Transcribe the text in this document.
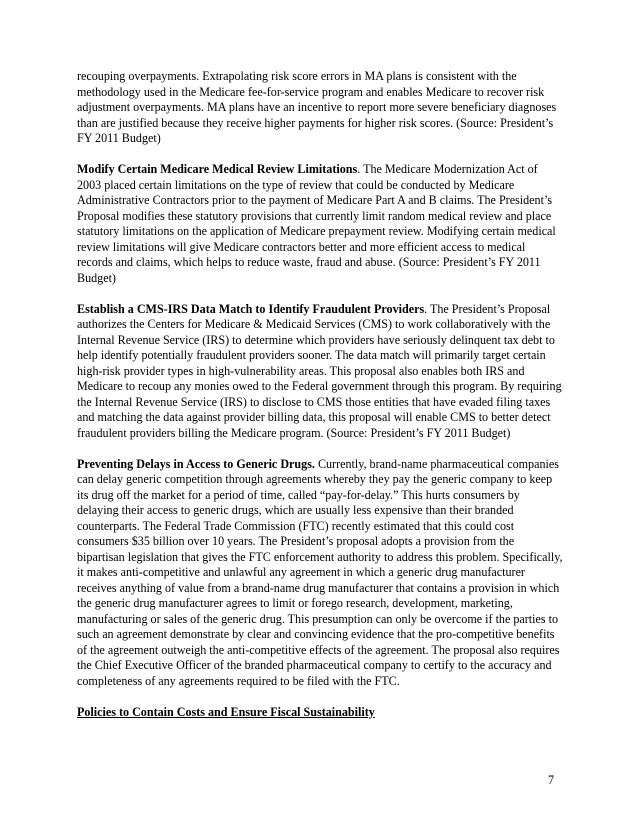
recouping overpayments. Extrapolating risk score errors in MA plans is consistent with the methodology used in the Medicare fee-for-service program and enables Medicare to recover risk adjustment overpayments. MA plans have an incentive to report more severe beneficiary diagnoses than are justified because they receive higher payments for higher risk scores. (Source: President’s FY 2011 Budget)

Modify Certain Medicare Medical Review Limitations. The Medicare Modernization Act of 2003 placed certain limitations on the type of review that could be conducted by Medicare Administrative Contractors prior to the payment of Medicare Part A and B claims. The President’s Proposal modifies these statutory provisions that currently limit random medical review and place statutory limitations on the application of Medicare prepayment review. Modifying certain medical review limitations will give Medicare contractors better and more efficient access to medical records and claims, which helps to reduce waste, fraud and abuse. (Source: President’s FY 2011 Budget)

Establish a CMS-IRS Data Match to Identify Fraudulent Providers. The President’s Proposal authorizes the Centers for Medicare & Medicaid Services (CMS) to work collaboratively with the Internal Revenue Service (IRS) to determine which providers have seriously delinquent tax debt to help identify potentially fraudulent providers sooner. The data match will primarily target certain high-risk provider types in high-vulnerability areas. This proposal also enables both IRS and Medicare to recoup any monies owed to the Federal government through this program. By requiring the Internal Revenue Service (IRS) to disclose to CMS those entities that have evaded filing taxes and matching the data against provider billing data, this proposal will enable CMS to better detect fraudulent providers billing the Medicare program. (Source: President’s FY 2011 Budget)

Preventing Delays in Access to Generic Drugs. Currently, brand-name pharmaceutical companies can delay generic competition through agreements whereby they pay the generic company to keep its drug off the market for a period of time, called “pay-for-delay.” This hurts consumers by delaying their access to generic drugs, which are usually less expensive than their branded counterparts. The Federal Trade Commission (FTC) recently estimated that this could cost consumers $35 billion over 10 years. The President’s proposal adopts a provision from the bipartisan legislation that gives the FTC enforcement authority to address this problem. Specifically, it makes anti-competitive and unlawful any agreement in which a generic drug manufacturer receives anything of value from a brand-name drug manufacturer that contains a provision in which the generic drug manufacturer agrees to limit or forego research, development, marketing, manufacturing or sales of the generic drug. This presumption can only be overcome if the parties to such an agreement demonstrate by clear and convincing evidence that the pro-competitive benefits of the agreement outweigh the anti-competitive effects of the agreement. The proposal also requires the Chief Executive Officer of the branded pharmaceutical company to certify to the accuracy and completeness of any agreements required to be filed with the FTC.

Policies to Contain Costs and Ensure Fiscal Sustainability

7
